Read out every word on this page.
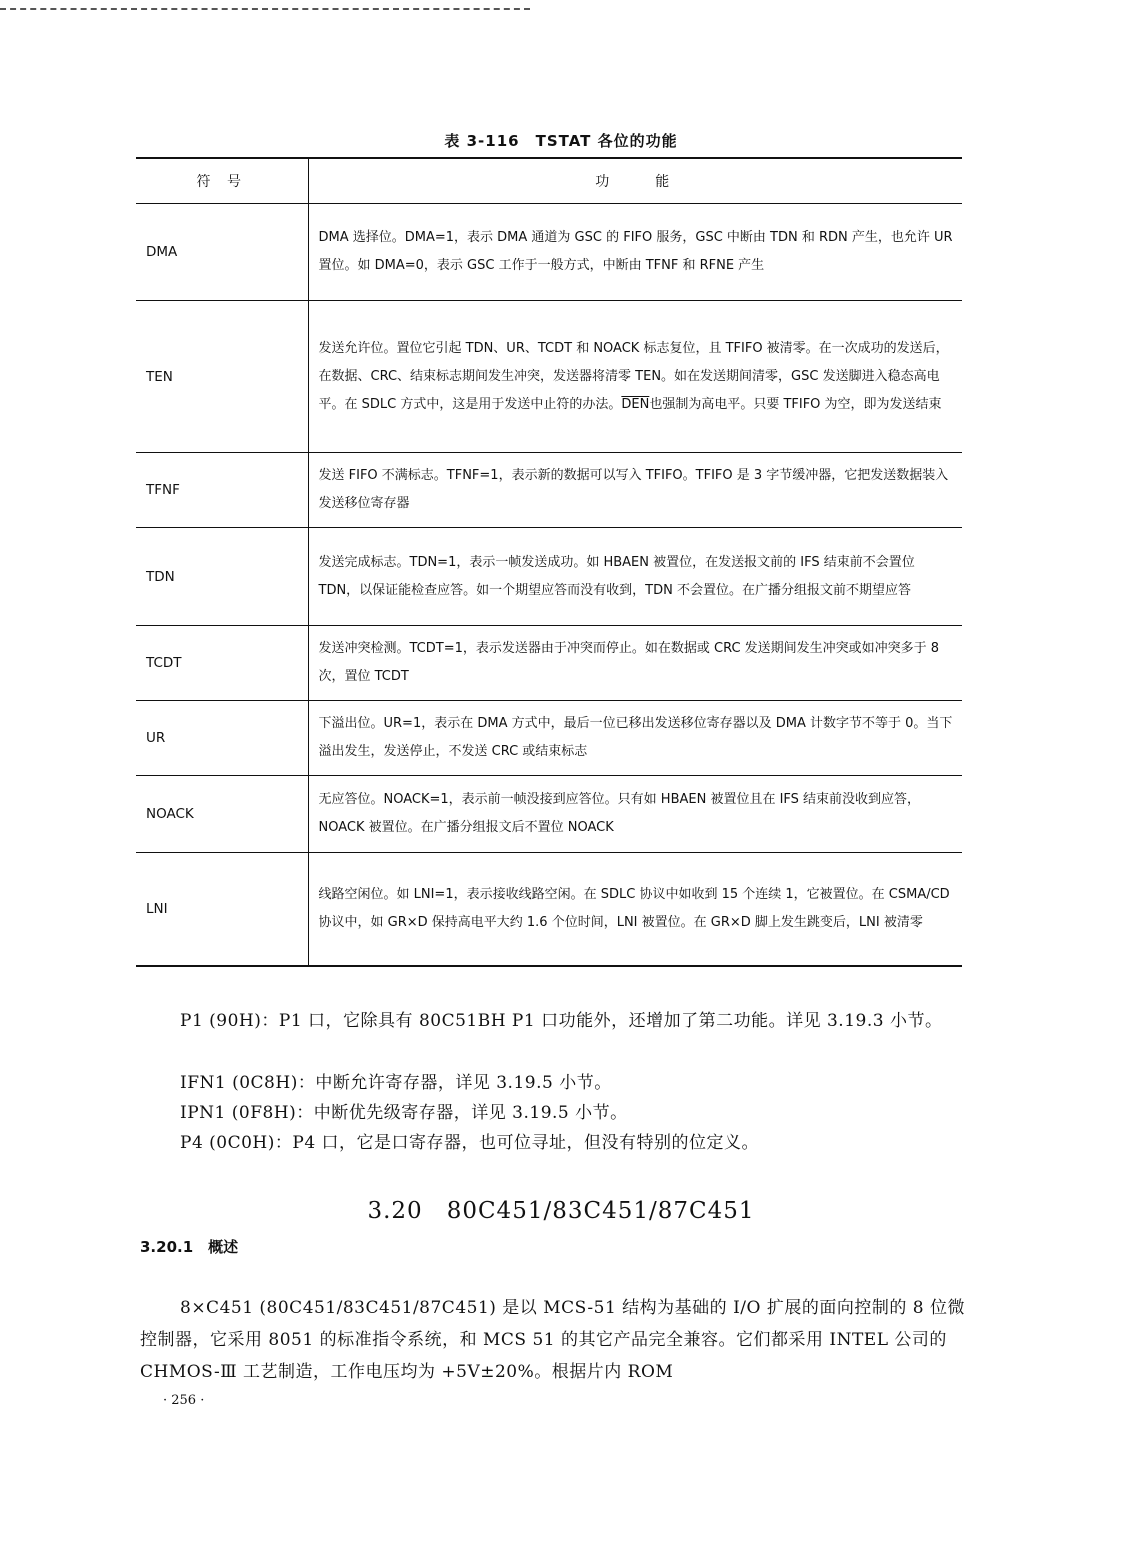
表 3-116　TSTAT 各位的功能
符 号	功　　能
DMA	DMA 选择位。DMA=1，表示 DMA 通道为 GSC 的 FIFO 服务，GSC 中断由 TDN 和 RDN 产生，也允许 UR 置位。如 DMA=0，表示 GSC 工作于一般方式，中断由 TFNF 和 RFNE 产生
TEN	发送允许位。置位它引起 TDN、UR、TCDT 和 NOACK 标志复位，且 TFIFO 被清零。在一次成功的发送后，在数据、CRC、结束标志期间发生冲突，发送器将清零 TEN。如在发送期间清零，GSC 发送脚进入稳态高电平。在 SDLC 方式中，这是用于发送中止符的办法。$\overline{DEN}$也强制为高电平。只要 TFIFO 为空，即为发送结束
TFNF	发送 FIFO 不满标志。TFNF=1，表示新的数据可以写入 TFIFO。TFIFO 是 3 字节缓冲器，它把发送数据装入发送移位寄存器
TDN	发送完成标志。TDN=1，表示一帧发送成功。如 HBAEN 被置位，在发送报文前的 IFS 结束前不会置位 TDN，以保证能检查应答。如一个期望应答而没有收到，TDN 不会置位。在广播分组报文前不期望应答
TCDT	发送冲突检测。TCDT=1，表示发送器由于冲突而停止。如在数据或 CRC 发送期间发生冲突或如冲突多于 8 次，置位 TCDT
UR	下溢出位。UR=1，表示在 DMA 方式中，最后一位已移出发送移位寄存器以及 DMA 计数字节不等于 0。当下溢出发生，发送停止，不发送 CRC 或结束标志
NOACK	无应答位。NOACK=1，表示前一帧没接到应答位。只有如 HBAEN 被置位且在 IFS 结束前没收到应答，NOACK 被置位。在广播分组报文后不置位 NOACK
LNI	线路空闲位。如 LNI=1，表示接收线路空闲。在 SDLC 协议中如收到 15 个连续 1，它被置位。在 CSMA/CD 协议中，如 GR×D 保持高电平大约 1.6 个位时间，LNI 被置位。在 GR×D 脚上发生跳变后，LNI 被清零

P1 (90H)：P1 口，它除具有 80C51BH P1 口功能外，还增加了第二功能。详见 3.19.3 小节。

IFN1 (0C8H)：中断允许寄存器，详见 3.19.5 小节。

IPN1 (0F8H)：中断优先级寄存器，详见 3.19.5 小节。

P4 (0C0H)：P4 口，它是口寄存器，也可位寻址，但没有特别的位定义。

3.20　80C451/83C451/87C451
3.20.1　概述

8×C451 (80C451/83C451/87C451) 是以 MCS-51 结构为基础的 I/O 扩展的面向控制的 8 位微控制器，它采用 8051 的标准指令系统，和 MCS 51 的其它产品完全兼容。它们都采用 INTEL 公司的 CHMOS-Ⅲ 工艺制造，工作电压均为 +5V±20%。根据片内 ROM

· 256 ·
